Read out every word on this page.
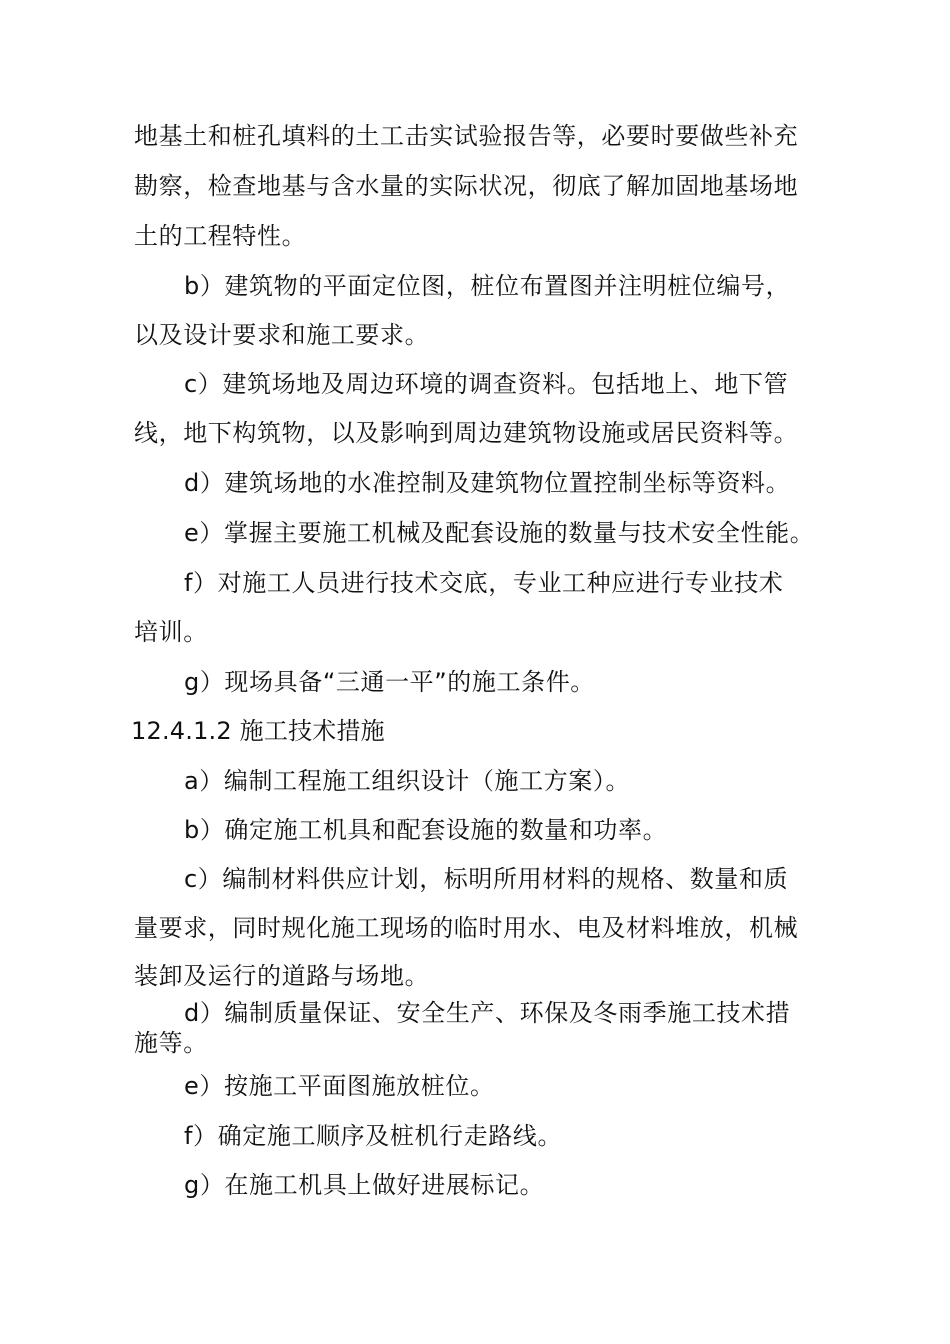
地基土和桩孔填料的土工击实试验报告等，必要时要做些补充
勘察，检查地基与含水量的实际状况，彻底了解加固地基场地
土的工程特性。
b）建筑物的平面定位图，桩位布置图并注明桩位编号，
以及设计要求和施工要求。
c）建筑场地及周边环境的调查资料。包括地上、地下管
线，地下构筑物，以及影响到周边建筑物设施或居民资料等。
d）建筑场地的水准控制及建筑物位置控制坐标等资料。
e）掌握主要施工机械及配套设施的数量与技术安全性能。
f）对施工人员进行技术交底，专业工种应进行专业技术
培训。
g）现场具备“三通一平”的施工条件。
12.4.1.2 施工技术措施
a）编制工程施工组织设计（施工方案）。
b）确定施工机具和配套设施的数量和功率。
c）编制材料供应计划，标明所用材料的规格、数量和质
量要求，同时规化施工现场的临时用水、电及材料堆放，机械
装卸及运行的道路与场地。
d）编制质量保证、安全生产、环保及冬雨季施工技术措
施等。
e）按施工平面图施放桩位。
f）确定施工顺序及桩机行走路线。
g）在施工机具上做好进展标记。
